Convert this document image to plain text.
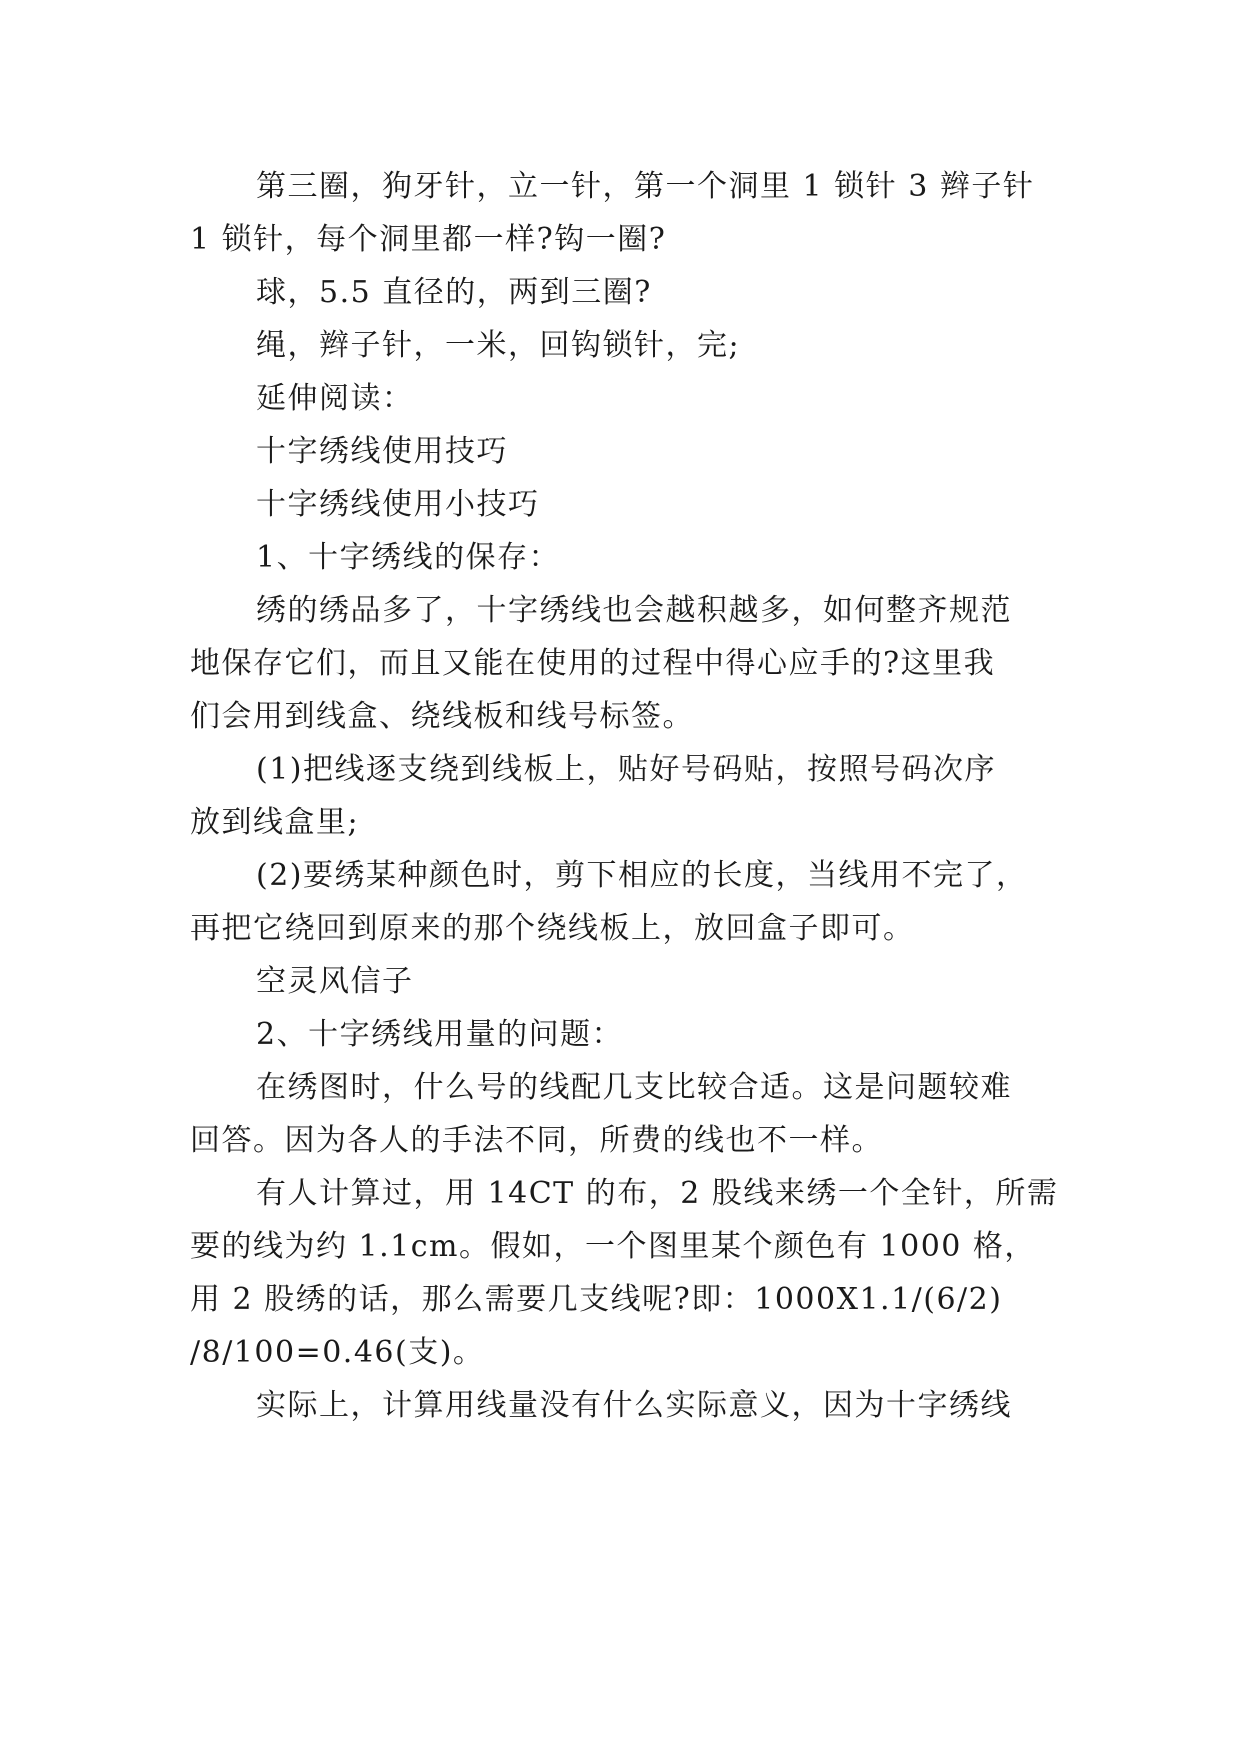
第三圈，狗牙针，立一针，第一个洞里 1 锁针 3 辫子针
1 锁针，每个洞里都一样?钩一圈?
球，5.5 直径的，两到三圈?
绳，辫子针，一米，回钩锁针，完;
延伸阅读：
十字绣线使用技巧
十字绣线使用小技巧
1、十字绣线的保存：
绣的绣品多了，十字绣线也会越积越多，如何整齐规范
地保存它们，而且又能在使用的过程中得心应手的?这里我
们会用到线盒、绕线板和线号标签。
(1)把线逐支绕到线板上，贴好号码贴，按照号码次序
放到线盒里;
(2)要绣某种颜色时，剪下相应的长度，当线用不完了，
再把它绕回到原来的那个绕线板上，放回盒子即可。
空灵风信子
2、十字绣线用量的问题：
在绣图时，什么号的线配几支比较合适。这是问题较难
回答。因为各人的手法不同，所费的线也不一样。
有人计算过，用 14CT 的布，2 股线来绣一个全针，所需
要的线为约 1.1cm。假如，一个图里某个颜色有 1000 格，
用 2 股绣的话，那么需要几支线呢?即：1000X1.1/(6/2)
/8/100=0.46(支)。
实际上，计算用线量没有什么实际意义，因为十字绣线
